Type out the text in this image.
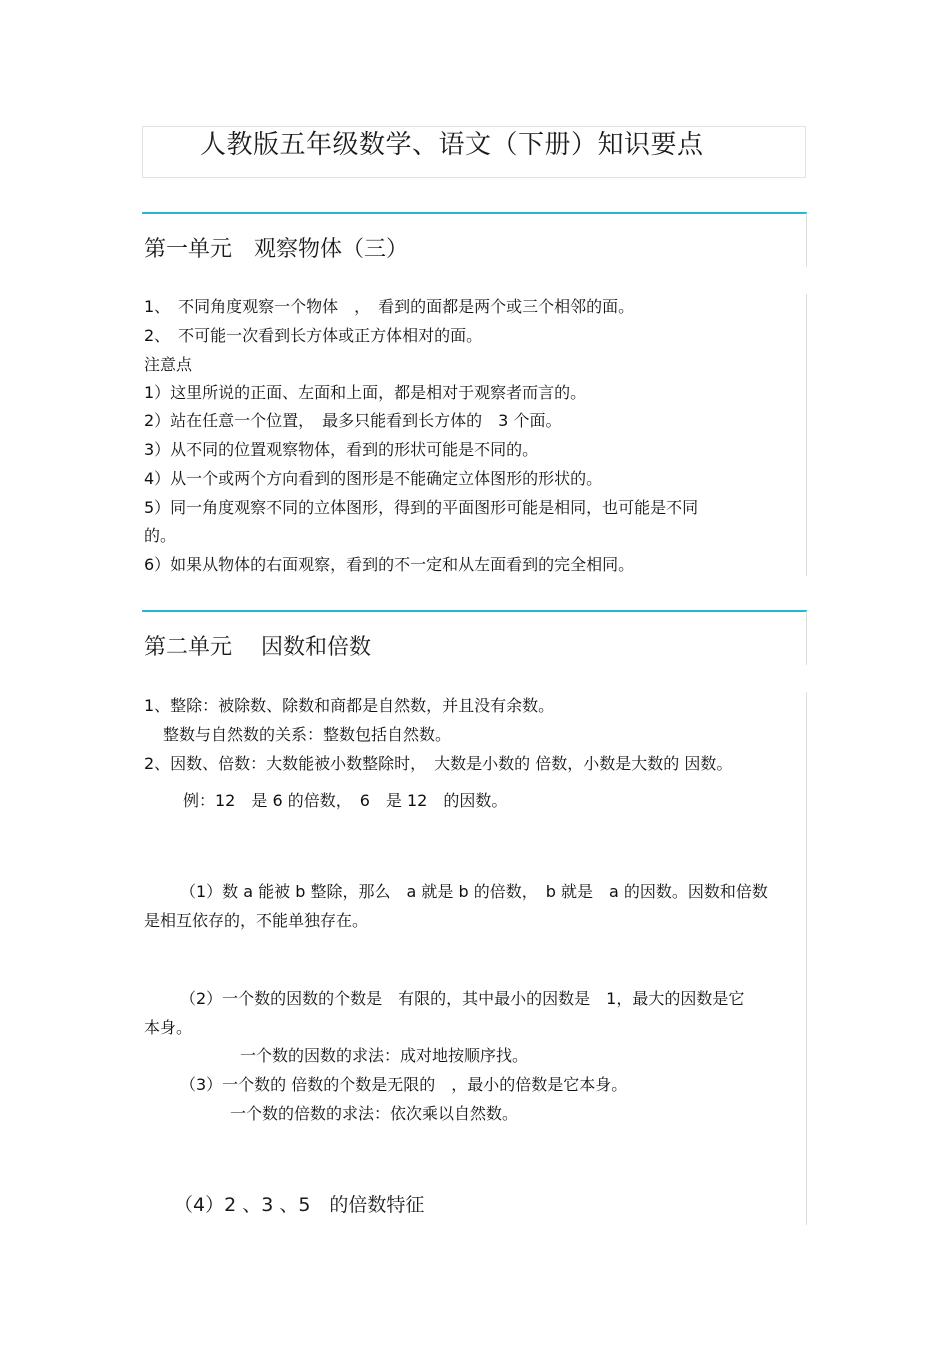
人教版五年级数学、语文（下册）知识要点
第一单元　观察物体（三）
1、　不同角度观察一个物体　，　看到的面都是两个或三个相邻的面。
2、　不可能一次看到长方体或正方体相对的面。
注意点
1）这里所说的正面、左面和上面，都是相对于观察者而言的。
2）站在任意一个位置，　最多只能看到长方体的　3 个面。
3）从不同的位置观察物体，看到的形状可能是不同的。
4）从一个或两个方向看到的图形是不能确定立体图形的形状的。
5）同一角度观察不同的立体图形，得到的平面图形可能是相同，也可能是不同
的。
6）如果从物体的右面观察，看到的不一定和从左面看到的完全相同。
第二单元　 因数和倍数
1、整除：被除数、除数和商都是自然数，并且没有余数。
整数与自然数的关系：整数包括自然数。
2、因数、倍数：大数能被小数整除时，　大数是小数的 倍数，小数是大数的 因数。
例：12　是 6 的倍数，　6　是 12　的因数。
（1）数 a 能被 b 整除，那么　a 就是 b 的倍数，　b 就是　a 的因数。因数和倍数
是相互依存的，不能单独存在。
（2）一个数的因数的个数是　有限的，其中最小的因数是　1，最大的因数是它
本身。
一个数的因数的求法：成对地按顺序找。
（3）一个数的 倍数的个数是无限的　，最小的倍数是它本身。
一个数的倍数的求法：依次乘以自然数。
（4）2 、3 、5　的倍数特征
